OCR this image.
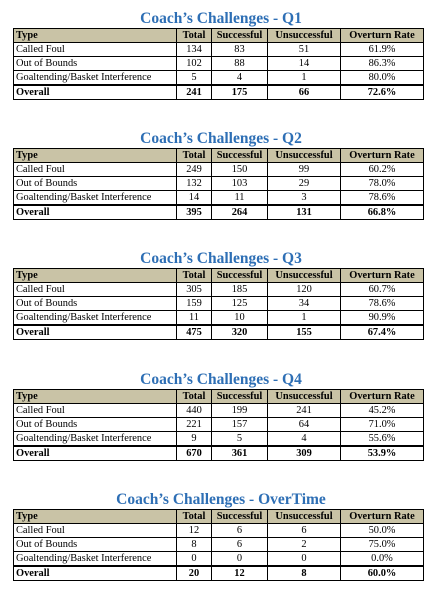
Coach’s Challenges - Q1
Type	Total	Successful	Unsuccessful	Overturn Rate
Called Foul	134	83	51	61.9%
Out of Bounds	102	88	14	86.3%
Goaltending/Basket Interference	5	4	1	80.0%
Overall	241	175	66	72.6%
Coach’s Challenges - Q2
Type	Total	Successful	Unsuccessful	Overturn Rate
Called Foul	249	150	99	60.2%
Out of Bounds	132	103	29	78.0%
Goaltending/Basket Interference	14	11	3	78.6%
Overall	395	264	131	66.8%
Coach’s Challenges - Q3
Type	Total	Successful	Unsuccessful	Overturn Rate
Called Foul	305	185	120	60.7%
Out of Bounds	159	125	34	78.6%
Goaltending/Basket Interference	11	10	1	90.9%
Overall	475	320	155	67.4%
Coach’s Challenges - Q4
Type	Total	Successful	Unsuccessful	Overturn Rate
Called Foul	440	199	241	45.2%
Out of Bounds	221	157	64	71.0%
Goaltending/Basket Interference	9	5	4	55.6%
Overall	670	361	309	53.9%
Coach’s Challenges - OverTime
Type	Total	Successful	Unsuccessful	Overturn Rate
Called Foul	12	6	6	50.0%
Out of Bounds	8	6	2	75.0%
Goaltending/Basket Interference	0	0	0	0.0%
Overall	20	12	8	60.0%
